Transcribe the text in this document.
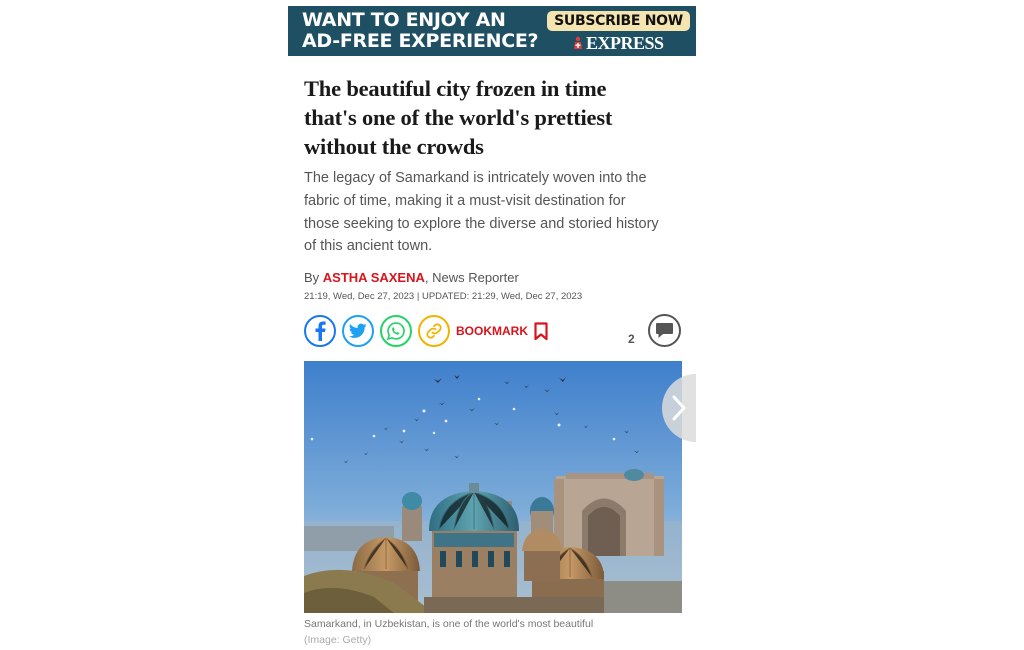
WANT TO ENJOY AN
AD-FREE EXPERIENCE?
SUBSCRIBE NOW
EXPRESS
The beautiful city frozen in time
that's one of the world's prettiest
without the crowds
The legacy of Samarkand is intricately woven into the
fabric of time, making it a must-visit destination for
those seeking to explore the diverse and storied history
of this ancient town.
By ASTHA SAXENA, News Reporter
21:19, Wed, Dec 27, 2023 | UPDATED: 21:29, Wed, Dec 27, 2023
BOOKMARK
2
Samarkand, in Uzbekistan, is one of the world's most beautiful
(Image: Getty)
